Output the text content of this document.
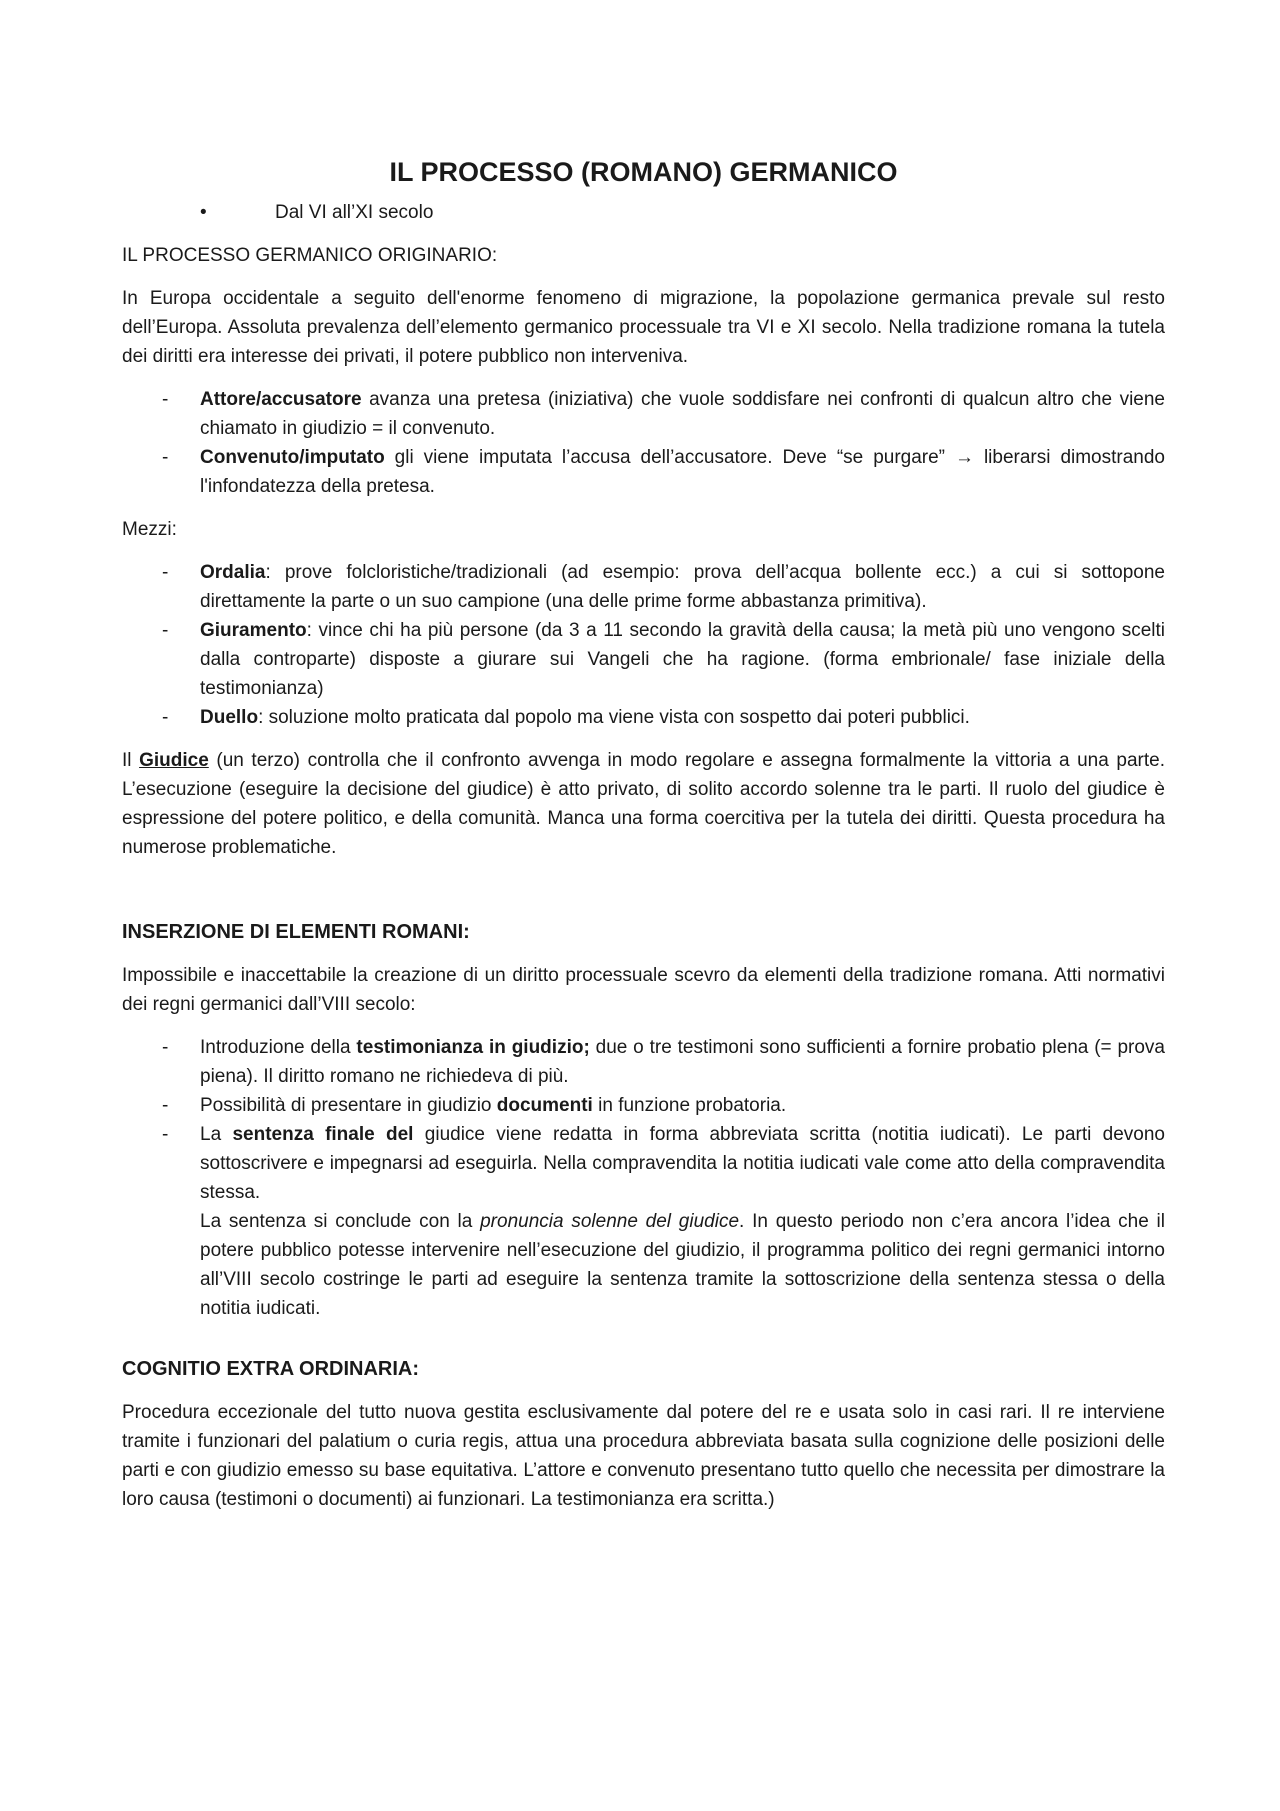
IL PROCESSO (ROMANO) GERMANICO
•	Dal VI all’XI secolo

IL PROCESSO GERMANICO ORIGINARIO:

In Europa occidentale a seguito dell'enorme fenomeno di migrazione, la popolazione germanica prevale sul resto dell’Europa. Assoluta prevalenza dell’elemento germanico processuale tra VI e XI secolo. Nella tradizione romana la tutela dei diritti era interesse dei privati, il potere pubblico non interveniva.

- Attore/accusatore avanza una pretesa (iniziativa) che vuole soddisfare nei confronti di qualcun altro che viene chiamato in giudizio = il convenuto.
- Convenuto/imputato gli viene imputata l’accusa dell’accusatore. Deve “se purgare” → liberarsi dimostrando l'infondatezza della pretesa.

Mezzi:

- Ordalia: prove folcloristiche/tradizionali (ad esempio: prova dell’acqua bollente ecc.) a cui si sottopone direttamente la parte o un suo campione (una delle prime forme abbastanza primitiva).
- Giuramento: vince chi ha più persone (da 3 a 11 secondo la gravità della causa; la metà più uno vengono scelti dalla controparte) disposte a giurare sui Vangeli che ha ragione. (forma embrionale/ fase iniziale della testimonianza)
- Duello: soluzione molto praticata dal popolo ma viene vista con sospetto dai poteri pubblici.

Il Giudice (un terzo) controlla che il confronto avvenga in modo regolare e assegna formalmente la vittoria a una parte. L’esecuzione (eseguire la decisione del giudice) è atto privato, di solito accordo solenne tra le parti. Il ruolo del giudice è espressione del potere politico, e della comunità. Manca una forma coercitiva per la tutela dei diritti. Questa procedura ha numerose problematiche.

INSERZIONE DI ELEMENTI ROMANI:

Impossibile e inaccettabile la creazione di un diritto processuale scevro da elementi della tradizione romana. Atti normativi dei regni germanici dall’VIII secolo:

- Introduzione della testimonianza in giudizio; due o tre testimoni sono sufficienti a fornire probatio plena (= prova piena). Il diritto romano ne richiedeva di più.
- Possibilità di presentare in giudizio documenti in funzione probatoria.
- La sentenza finale del giudice viene redatta in forma abbreviata scritta (notitia iudicati). Le parti devono sottoscrivere e impegnarsi ad eseguirla. Nella compravendita la notitia iudicati vale come atto della compravendita stessa.
La sentenza si conclude con la pronuncia solenne del giudice. In questo periodo non c’era ancora l’idea che il potere pubblico potesse intervenire nell’esecuzione del giudizio, il programma politico dei regni germanici intorno all’VIII secolo costringe le parti ad eseguire la sentenza tramite la sottoscrizione della sentenza stessa o della notitia iudicati.
COGNITIO EXTRA ORDINARIA:

Procedura eccezionale del tutto nuova gestita esclusivamente dal potere del re e usata solo in casi rari. Il re interviene tramite i funzionari del palatium o curia regis, attua una procedura abbreviata basata sulla cognizione delle posizioni delle parti e con giudizio emesso su base equitativa. L’attore e convenuto presentano tutto quello che necessita per dimostrare la loro causa (testimoni o documenti) ai funzionari. La testimonianza era scritta.)
